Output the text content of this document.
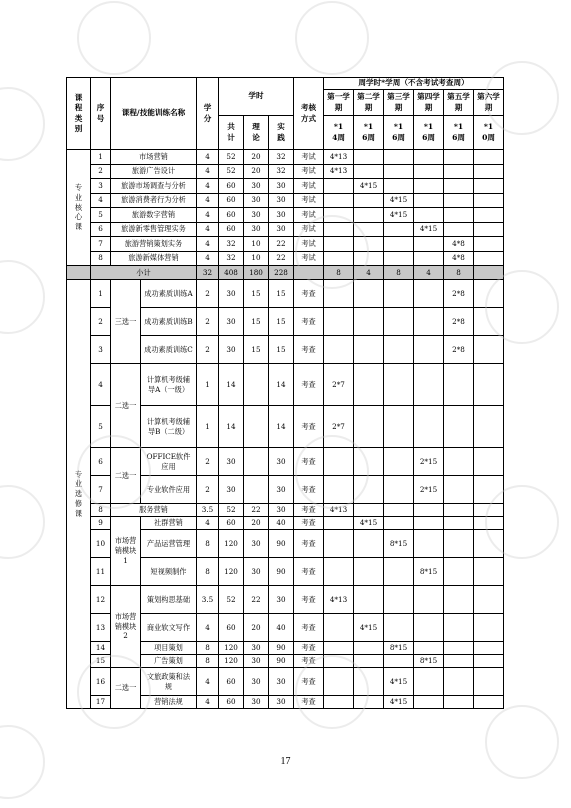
课程类别	序号	课程/技能训练名称		学分	学时			考核方式	周学时*学周（不含考试考查周）					
									第一学期	第二学期	第三学期	第四学期	第五学期	第六学期
					共计	理论	实践		*14周	*16周	*16周	*16周	*16周	*10周
专业核心课	1	市场营销		4	52	20	32	考试	4*13					
	2	旅游广告设计		4	52	20	32	考试	4*13					
	3	旅游市场调查与分析		4	60	30	30	考试		4*15				
	4	旅游消费者行为分析		4	60	30	30	考试			4*15			
	5	旅游数字营销		4	60	30	30	考试			4*15			
	6	旅游新零售管理实务		4	60	30	30	考试				4*15		
	7	旅游营销策划实务		4	32	10	22	考试					4*8	
	8	旅游新媒体营销		4	32	10	22	考试					4*8	
	小计			32	408	180	228		8	4	8	4	8	
专业选修课	1	三选一	成功素质训练A	2	30	15	15	考查					2*8	
	2		成功素质训练B	2	30	15	15	考查					2*8	
	3		成功素质训练C	2	30	15	15	考查					2*8	
	4	二选一	计算机考级辅导A（一级）	1	14		14	考查	2*7					
	5		计算机考级辅导B（二级）	1	14		14	考查	2*7					
	6	二选一	OFFICE软件应用	2	30		30	考查				2*15		
	7		专业软件应用	2	30		30	考查				2*15		
	8	服务营销		3.5	52	22	30	考查	4*13					
	9	市场营销模块1	社群营销	4	60	20	40	考查		4*15				
	10		产品运营管理	8	120	30	90	考查			8*15			
	11		短视频制作	8	120	30	90	考查				8*15		
	12	市场营销模块2	策划构思基础	3.5	52	22	30	考查	4*13					
	13		商业软文写作	4	60	20	40	考查		4*15				
	14		项目策划	8	120	30	90	考查			8*15			
	15		广告策划	8	120	30	90	考查				8*15		
	16	二选一	文旅政策和法规	4	60	30	30	考查			4*15			
	17		营销法规	4	60	30	30	考查			4*15			
17
